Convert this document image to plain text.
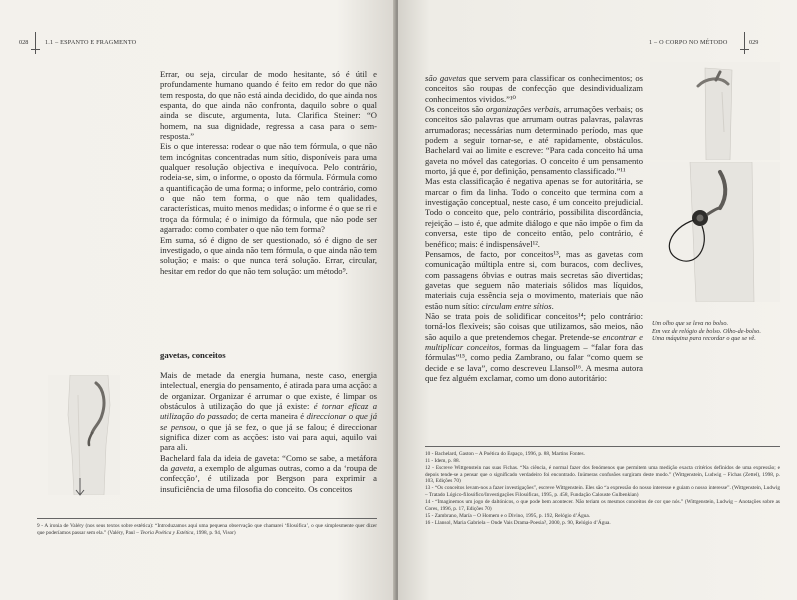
028	1.1 – ESPANTO E FRAGMENTO

Errar, ou seja, circular de modo hesitante, só é útil e profundamente humano quando é feito em redor do que não tem resposta, do que não está ainda decidido, do que ainda nos espanta, do que ainda não confronta, daquilo sobre o qual ainda se discute, argumenta, luta. Clarifica Steiner: “O homem, na sua dignidade, regressa a casa para o sem-resposta.”

Eis o que interessa: rodear o que não tem fórmula, o que não tem incógnitas concentradas num sítio, disponíveis para uma qualquer resolução objectiva e inequívoca. Pelo contrário, rodeia-se, sim, o informe, o oposto da fórmula. Fórmula como a quantificação de uma forma; o informe, pelo contrário, como o que não tem forma, o que não tem qualidades, características, muito menos medidas; o informe é o que se ri e troça da fórmula; é o inimigo da fórmula, que não pode ser agarrado: como combater o que não tem forma?

Em suma, só é digno de ser questionado, só é digno de ser investigado, o que ainda não tem fórmula, o que ainda não tem solução; e mais: o que nunca terá solução. Errar, circular, hesitar em redor do que não tem solução: um método⁹.

gavetas, conceitos

Mais de metade da energia humana, neste caso, energia intelectual, energia do pensamento, é atirada para uma acção: a de organizar. Organizar é arrumar o que existe, é limpar os obstáculos à utilização do que já existe: é tornar eficaz a utilização do passado; de certa maneira é direccionar o que já se pensou, o que já se fez, o que já se falou; é direccionar significa dizer com as acções: isto vai para aqui, aquilo vai para ali.

Bachelard fala da ideia de gaveta: “Como se sabe, a metáfora da gaveta, a exemplo de algumas outras, como a da ‘roupa de confecção’, é utilizada por Bergson para exprimir a insuficiência de uma filosofia do conceito. Os conceitos

9 - A ironia de Valéry (nos seus textos sobre estética): “Introduzamos aqui uma pequena observação que chamarei ‘filosófica’, o que simplesmente quer dizer que poderíamos passar sem ela.” (Valéry, Paul – Teoria Poética y Estética, 1998, p. 94, Visor)

1 – O CORPO NO MÉTODO	029

são gavetas que servem para classificar os conhecimentos; os conceitos são roupas de confecção que desindividualizam conhecimentos vividos.”¹⁰

Os conceitos são organizações verbais, arrumações verbais; os conceitos são palavras que arrumam outras palavras, palavras arrumadoras; necessárias num determinado período, mas que podem a seguir tornar-se, e até rapidamente, obstáculos. Bachelard vai ao limite e escreve: “Para cada conceito há uma gaveta no móvel das categorias. O conceito é um pensamento morto, já que é, por definição, pensamento classificado.”¹¹

Mas esta classificação é negativa apenas se for autoritária, se marcar o fim da linha. Todo o conceito que termina com a investigação conceptual, neste caso, é um conceito prejudicial. Todo o conceito que, pelo contrário, possibilita discordância, rejeição – isto é, que admite diálogo e que não impõe o fim da conversa, este tipo de conceito então, pelo contrário, é benéfico; mais: é indispensável¹².

Pensamos, de facto, por conceitos¹³, mas as gavetas com comunicação múltipla entre si, com buracos, com declives, com passagens óbvias e outras mais secretas são divertidas; gavetas que seguem não materiais sólidos mas líquidos, materiais cuja essência seja o movimento, materiais que não estão num sítio: circulam entre sítios.

Não se trata pois de solidificar conceitos¹⁴; pelo contrário: torná-los flexíveis; são coisas que utilizamos, são meios, não são aquilo a que pretendemos chegar. Pretende-se encontrar e multiplicar conceitos, formas da linguagem – “falar fora das fórmulas”¹⁵, como pedia Zambrano, ou falar “como quem se decide e se lava”, como descreveu Llansol¹⁶. A mesma autora que fez alguém exclamar, como um dono autoritário:

Um olho que se leva no bolso.
Em vez de relógio de bolso. Olho-de-bolso.
Uma máquina para recordar o que se vê.

10 - Bachelard, Gaston – A Poética do Espaço, 1996, p. 88, Martins Fontes.

11 - Idem, p. 88.

12 - Escreve Wittgenstein nas suas Fichas. “Na ciência, é normal fazer dos fenómenos que permitem uma medição exacta critérios definidos de uma expressão; e depois tende-se a pensar que o significado verdadeiro foi encontrado. Inúmeras confusões surgiram deste modo.” (Wittgenstein, Ludwig – Fichas (Zettel), 1998, p. 103, Edições 70)

13 - “Os conceitos levam-nos a fazer investigações”, escreve Wittgenstein. Eles são “a expressão do nosso interesse e guiam o nosso interesse”. (Wittgenstein, Ludwig – Tratado Lógico-filosófico/Investigações Filosóficas, 1995, p. 458, Fundação Calouste Gulbenkian)

14 - “Imaginemos um jogo de daltónicos, o que pode bem acontecer. Não teriam os mesmos conceitos de cor que nós.” (Wittgenstein, Ludwig – Anotações sobre as Cores, 1996, p. 17, Edições 70)

15 - Zambrano, María – O Homem e o Divino, 1995, p. 192, Relógio d’Água.

16 - Llansol, Maria Gabriela – Onde Vais Drama-Poesia?, 2000, p. 90, Relógio d’Água.
